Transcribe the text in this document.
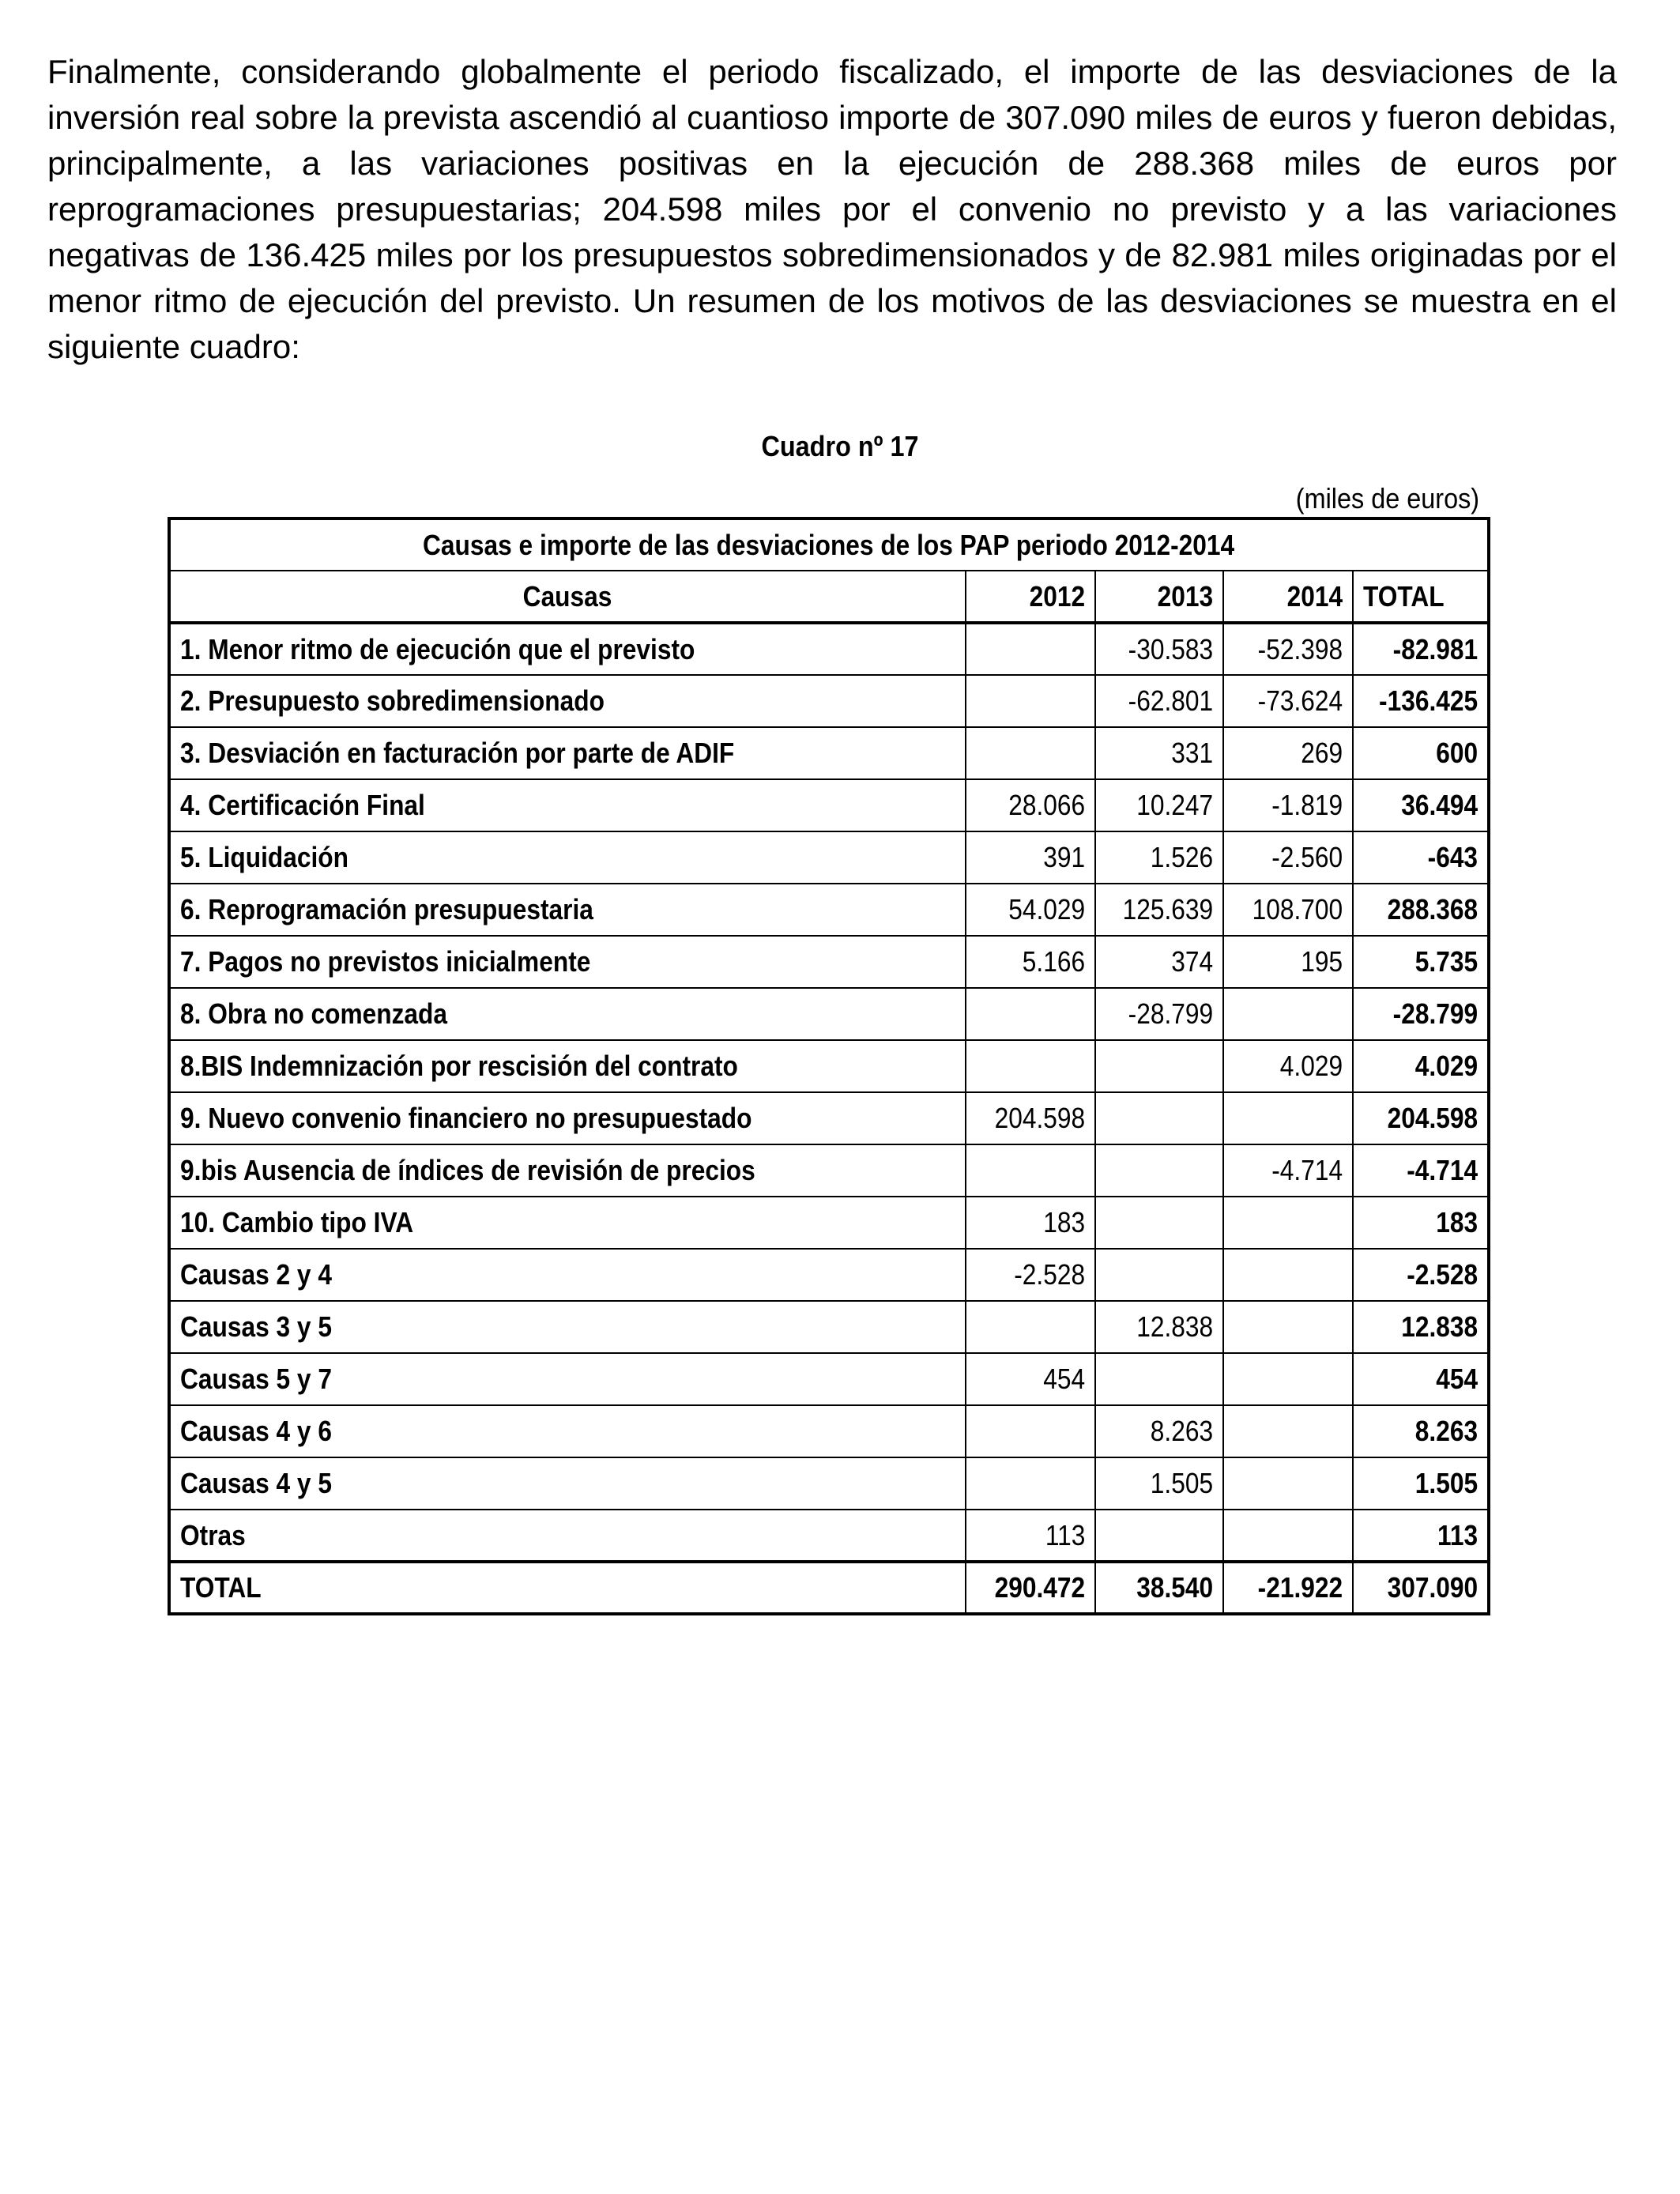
Finalmente, considerando globalmente el periodo fiscalizado, el importe de las desviaciones de la inversión real sobre la prevista ascendió al cuantioso importe de 307.090 miles de euros y fueron debidas, principalmente, a las variaciones positivas en la ejecución de 288.368 miles de euros por reprogramaciones presupuestarias; 204.598 miles por el convenio no previsto y a las variaciones negativas de 136.425 miles por los presupuestos sobredimensionados y de 82.981 miles originadas por el menor ritmo de ejecución del previsto. Un resumen de los motivos de las desviaciones se muestra en el siguiente cuadro:

Cuadro nº 17

(miles de euros)

Causas e importe de las desviaciones de los PAP periodo 2012-2014				
Causas	2012	2013	2014	TOTAL
1. Menor ritmo de ejecución que el previsto		-30.583	-52.398	-82.981
2. Presupuesto sobredimensionado		-62.801	-73.624	-136.425
3. Desviación en facturación por parte de ADIF		331	269	600
4. Certificación Final	28.066	10.247	-1.819	36.494
5. Liquidación	391	1.526	-2.560	-643
6. Reprogramación presupuestaria	54.029	125.639	108.700	288.368
7. Pagos no previstos inicialmente	5.166	374	195	5.735
8. Obra no comenzada		-28.799		-28.799
8.BIS Indemnización por rescisión del contrato			4.029	4.029
9. Nuevo convenio financiero no presupuestado	204.598			204.598
9.bis Ausencia de índices de revisión de precios			-4.714	-4.714
10. Cambio tipo IVA	183			183
Causas 2 y 4	-2.528			-2.528
Causas 3 y 5		12.838		12.838
Causas 5 y 7	454			454
Causas 4 y 6		8.263		8.263
Causas 4 y 5		1.505		1.505
Otras	113			113
TOTAL	290.472	38.540	-21.922	307.090
